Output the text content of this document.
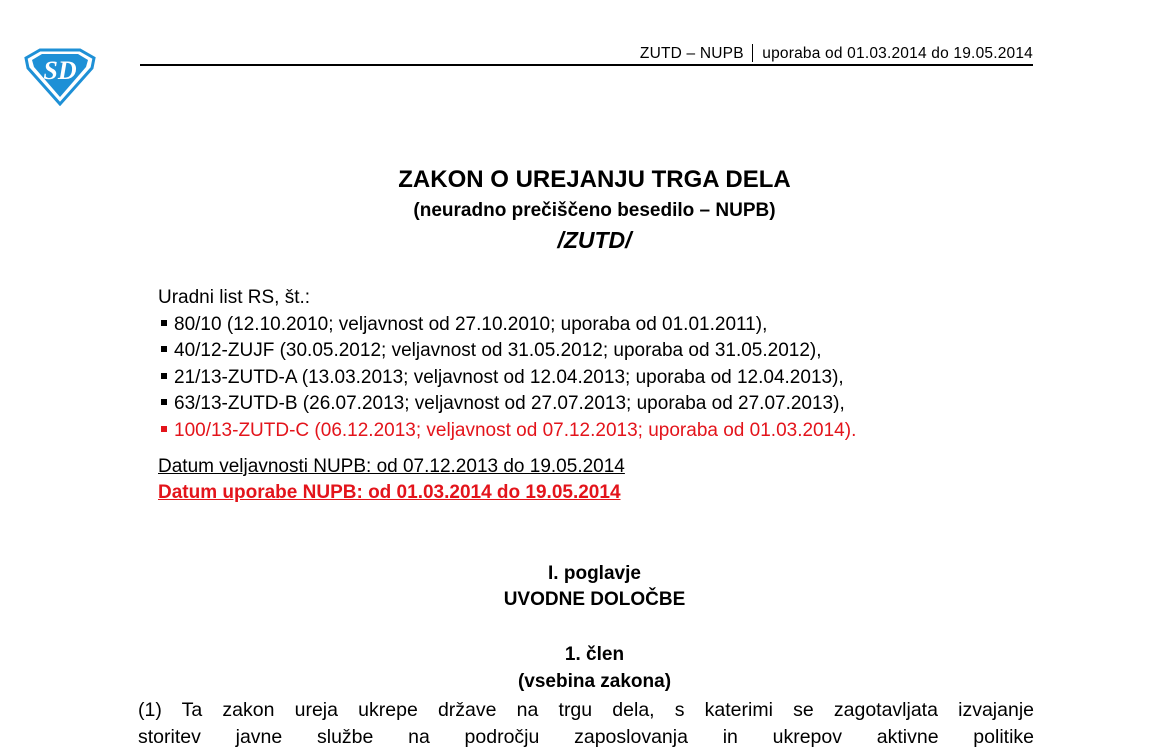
SD
ZUTD – NUPB uporaba od 01.03.2014 do 19.05.2014
ZAKON O UREJANJU TRGA DELA
(neuradno prečiščeno besedilo – NUPB)
/ZUTD/
Uradni list RS, št.:
80/10 (12.10.2010; veljavnost od 27.10.2010; uporaba od 01.01.2011),
40/12-ZUJF (30.05.2012; veljavnost od 31.05.2012; uporaba od 31.05.2012),
21/13-ZUTD-A (13.03.2013; veljavnost od 12.04.2013; uporaba od 12.04.2013),
63/13-ZUTD-B (26.07.2013; veljavnost od 27.07.2013; uporaba od 27.07.2013),
100/13-ZUTD-C (06.12.2013; veljavnost od 07.12.2013; uporaba od 01.03.2014).
Datum veljavnosti NUPB: od 07.12.2013 do 19.05.2014
Datum uporabe NUPB: od 01.03.2014 do 19.05.2014
I. poglavje
UVODNE DOLOČBE
1. člen
(vsebina zakona)
(1) Ta zakon ureja ukrepe države na trgu dela, s katerimi se zagotavljata izvajanje
storitev javne službe na področju zaposlovanja in ukrepov aktivne politike
